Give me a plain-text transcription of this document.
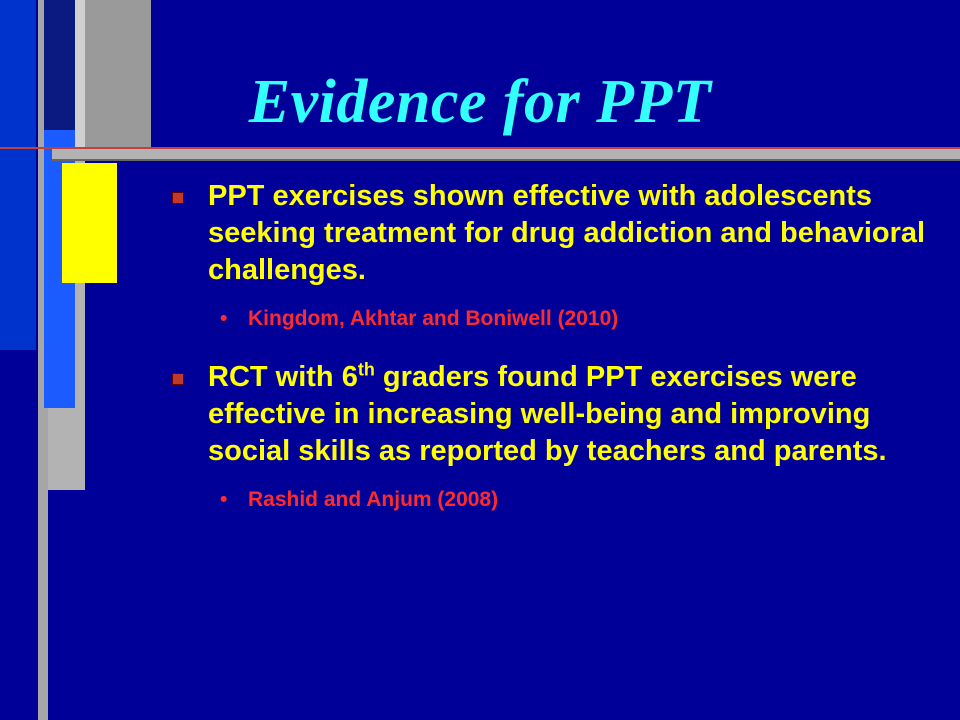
Evidence for PPT
PPT exercises shown effective with adolescents seeking treatment for drug addiction and behavioral challenges.
• Kingdom, Akhtar and Boniwell (2010)
RCT with 6th graders found PPT exercises were effective in increasing well-being and improving social skills as reported by teachers and parents.
• Rashid and Anjum (2008)
